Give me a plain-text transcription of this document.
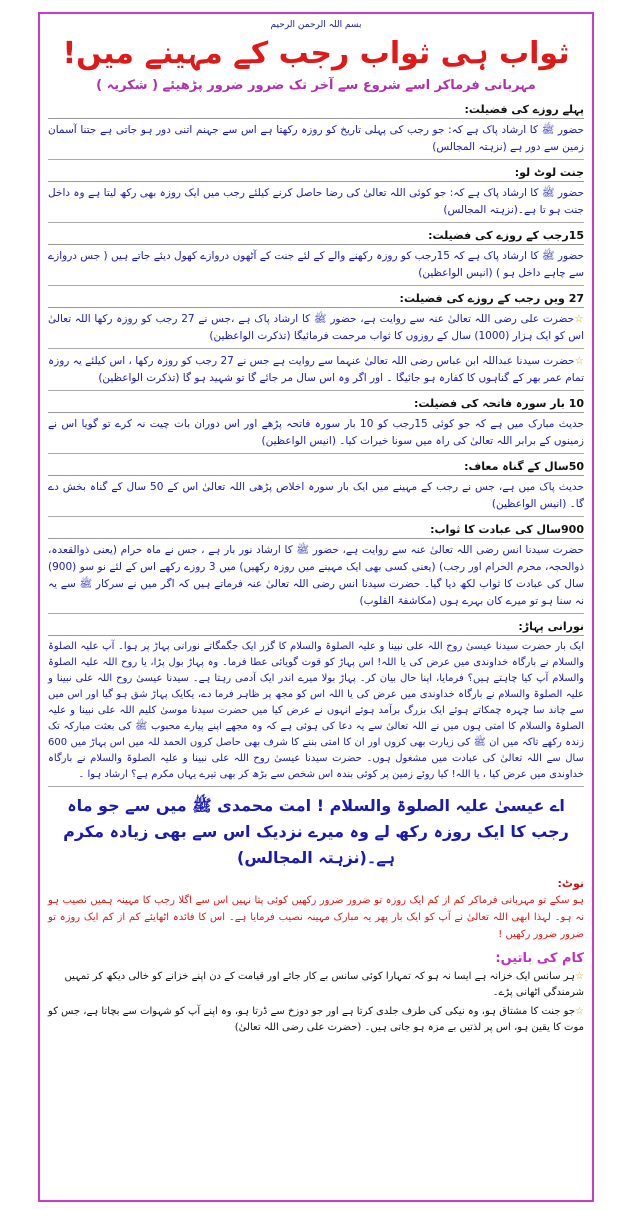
بسم اللہ الرحمن الرحیم
ثواب ہی ثواب رجب کے مہینے میں!
مہربانی فرماکر اسے شروع سے آخر تک ضرور ضرور پڑھیئے ( شکریہ )
پہلے روزے کی فضیلت:
حضور ﷺ کا ارشاد پاک ہے کہ: جو رجب کی پہلی تاریخ کو روزہ رکھتا ہے اس سے جہنم اتنی دور ہو جاتی ہے جتنا آسمان زمین سے دور ہے (نزہتہ المجالس)
جنت لوٹ لو:
حضور ﷺ کا ارشاد پاک ہے کہ: جو کوئی اللہ تعالیٰ کی رضا حاصل کرنے کیلئے رجب میں ایک روزہ بھی رکھ لیتا ہے وہ داخل جنت ہو تا ہے۔(نزہتہ المجالس)
15رجب کے روزے کی فضیلت:
حضور ﷺ کا ارشاد پاک ہے کہ 15رجب کو روزہ رکھنے والے کے لئے جنت کے آٹھوں دروازے کھول دیئے جاتے ہیں ( جس دروازے سے چاہے داخل ہو ) (انیس الواعظین)
27 ویں رجب کے روزے کی فضیلت:
☆حضرت علی رضی اللہ تعالیٰ عنہ سے روایت ہے، حضور ﷺ کا ارشاد پاک ہے ،جس نے 27 رجب کو روزہ رکھا اللہ تعالیٰ اس کو ایک ہزار (1000) سال کے روزوں کا ثواب مرحمت فرمائیگا (تذکرت الواعظین)
☆حضرت سیدنا عبداللہ ابن عباس رضی اللہ تعالیٰ عنہما سے روایت ہے جس نے 27 رجب کو روزہ رکھا ، اس کیلئے یہ روزہ تمام عمر بھر کے گناہوں کا کفارہ ہو جائیگا ۔ اور اگر وہ اس سال مر جائے گا تو شہید ہو گا (تذکرت الواعظین)
10 بار سورہ فاتحہ کی فضیلت:
حدیث مبارک میں ہے کہ جو کوئی 15رجب کو 10 بار سورہ فاتحہ پڑھے اور اس دوران بات چیت نہ کرے تو گویا اس نے زمینوں کے برابر اللہ تعالیٰ کی راہ میں سونا خیرات کیا۔ (انیس الواعظین)
50سال کے گناہ معاف:
حدیث پاک میں ہے، جس نے رجب کے مہینے میں ایک بار سورہ اخلاص پڑھی اللہ تعالیٰ اس کے 50 سال کے گناہ بخش دے گا۔ (انیس الواعظین)
900سال کی عبادت کا ثواب:
حضرت سیدنا انس رضی اللہ تعالیٰ عنہ سے روایت ہے، حضور ﷺ کا ارشاد نور بار ہے ، جس نے ماہ حرام (یعنی ذوالقعدہ، ذوالحجہ، محرم الحرام اور رجب) (یعنی کسی بھی ایک مہینے میں روزہ رکھیں) میں 3 روزے رکھے اس کے لئے نو سو (900) سال کی عبادت کا ثواب لکھ دیا گیا۔ حضرت سیدنا انس رضی اللہ تعالیٰ عنہ فرماتے ہیں کہ اگر میں نے سرکار ﷺ سے یہ نہ سنا ہو تو میرے کان بہرے ہوں (مکاشفۃ القلوب)
نورانی پہاڑ:
ایک بار حضرت سیدنا عیسیٰ روح اللہ علی نبینا و علیہ الصلوۃ والسلام کا گزر ایک جگمگاتے نورانی پہاڑ پر ہوا۔ آپ علیہ الصلوۃ والسلام نے بارگاہ خداوندی میں عرض کی یا اللہ! اس پہاڑ کو قوت گویائی عطا فرما۔ وہ پہاڑ بول پڑا، یا روح اللہ علیہ الصلوۃ والسلام آپ کیا چاہتے ہیں؟ فرمایا، اپنا حال بیان کر۔ پہاڑ بولا میرے اندر ایک آدمی رہتا ہے۔ سیدنا عیسیٰ روح اللہ علی نبینا و علیہ الصلوۃ والسلام نے بارگاہ خداوندی میں عرض کی یا اللہ اس کو مجھ پر ظاہر فرما دے، یکایک پہاڑ شق ہو گیا اور اس میں سے چاند سا چہرہ چمکاتے ہوئے ایک بزرگ برآمد ہوئے انہوں نے عرض کیا میں حضرت سیدنا موسیٰ کلیم اللہ علی نبینا و علیہ الصلوۃ والسلام کا امتی ہوں میں نے اللہ تعالیٰ سے یہ دعا کی ہوئی ہے کہ وہ مجھے اپنے پیارے محبوب ﷺ کی بعثت مبارکہ تک زندہ رکھے تاکہ میں ان ﷺ کی زیارت بھی کروں اور ان کا امتی بننے کا شرف بھی حاصل کروں الحمد للہ میں اس پہاڑ میں 600 سال سے اللہ تعالیٰ کی عبادت میں مشغول ہوں۔ حضرت سیدنا عیسیٰ روح اللہ علی نبینا و علیہ الصلوۃ والسلام نے بارگاہ خداوندی میں عرض کیا ، یا اللہ! کیا روئے زمین پر کوئی بندہ اس شخص سے بڑھ کر بھی تیرے یہاں مکرم ہے؟ ارشاد ہوا ۔
اے عیسیٰ علیہ الصلوۃ والسلام ! امت محمدی ﷺ میں سے جو ماہ رجب کا ایک روزہ رکھ لے وہ میرے نزدیک اس سے بھی زیادہ مکرم ہے۔(نزہتہ المجالس)
نوٹ:
ہو سکے تو مہربانی فرماکر کم از کم ایک روزہ تو ضرور ضرور رکھیں کوئی پتا نہیں اس سے اگلا رجب کا مہینہ ہمیں نصیب ہو نہ ہو۔ لہذا ابھی اللہ تعالیٰ نے آپ کو ایک بار پھر یہ مبارک مہینہ نصیب فرمایا ہے۔ اس کا فائدہ اٹھایئے کم از کم ایک روزہ تو ضرور ضرور رکھیں !
کام کی باتیں:
☆ہر سانس ایک خزانہ ہے ایسا نہ ہو کہ تمہارا کوئی سانس بے کار جائے اور قیامت کے دن اپنے خزانے کو خالی دیکھ کر تمہیں شرمندگی اٹھانی پڑے۔
☆جو جنت کا مشتاق ہو، وہ نیکی کی طرف جلدی کرتا ہے اور جو دوزخ سے ڈرتا ہو، وہ اپنے آپ کو شہوات سے بچاتا ہے، جس کو موت کا یقین ہو، اس پر لذتیں بے مزہ ہو جاتی ہیں۔ (حضرت علی رضی اللہ تعالیٰ)
